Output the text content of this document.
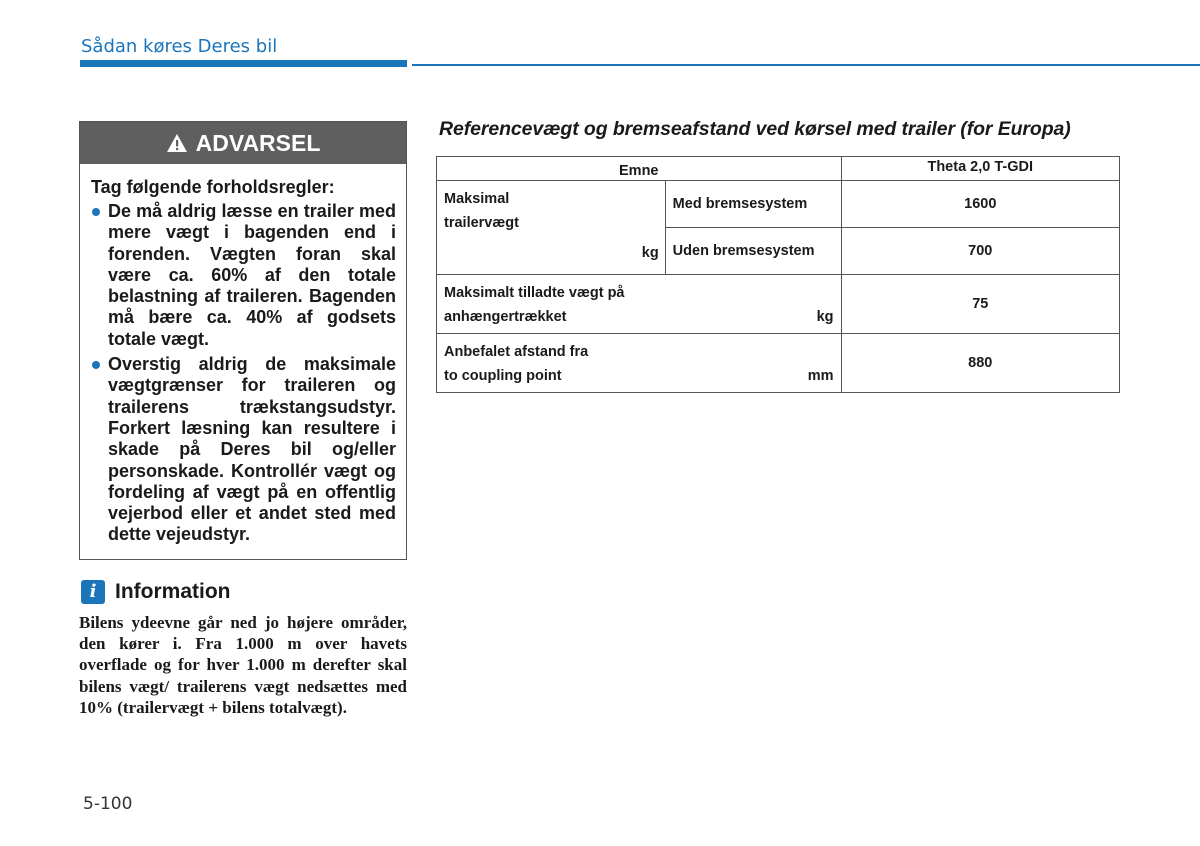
Sådan køres Deres bil
ADVARSEL

Tag følgende forholdsregler:

De må aldrig læsse en trailer med mere vægt i bagenden end i forenden. Vægten foran skal være ca. 60% af den totale belastning af traileren. Bagenden må bære ca. 40% af godsets totale vægt.
Overstig aldrig de maksimale vægtgrænser for traileren og trailerens trækstangsudstyr. Forkert læsning kan resultere i skade på Deres bil og/eller personskade. Kontrollér vægt og fordeling af vægt på en offentlig vejerbod eller et andet sted med dette vejeudstyr.
i Information

Bilens ydeevne går ned jo højere områder, den kører i. Fra 1.000 m over havets overflade og for hver 1.000 m derefter skal bilens vægt/ trailerens vægt nedsættes med 10% (trailervægt + bilens totalvægt).

5-100
Referencevægt og bremseafstand ved kørsel med trailer (for Europa)
Emne		Theta 2,0 T-GDI

Maksimal
trailervægt
kg	Med bremsesystem	1600
	Uden bremsesystem	700

Maksimalt tilladte vægt på
anhængertrækket kg		75

Anbefalet afstand fra
to coupling point mm		880
